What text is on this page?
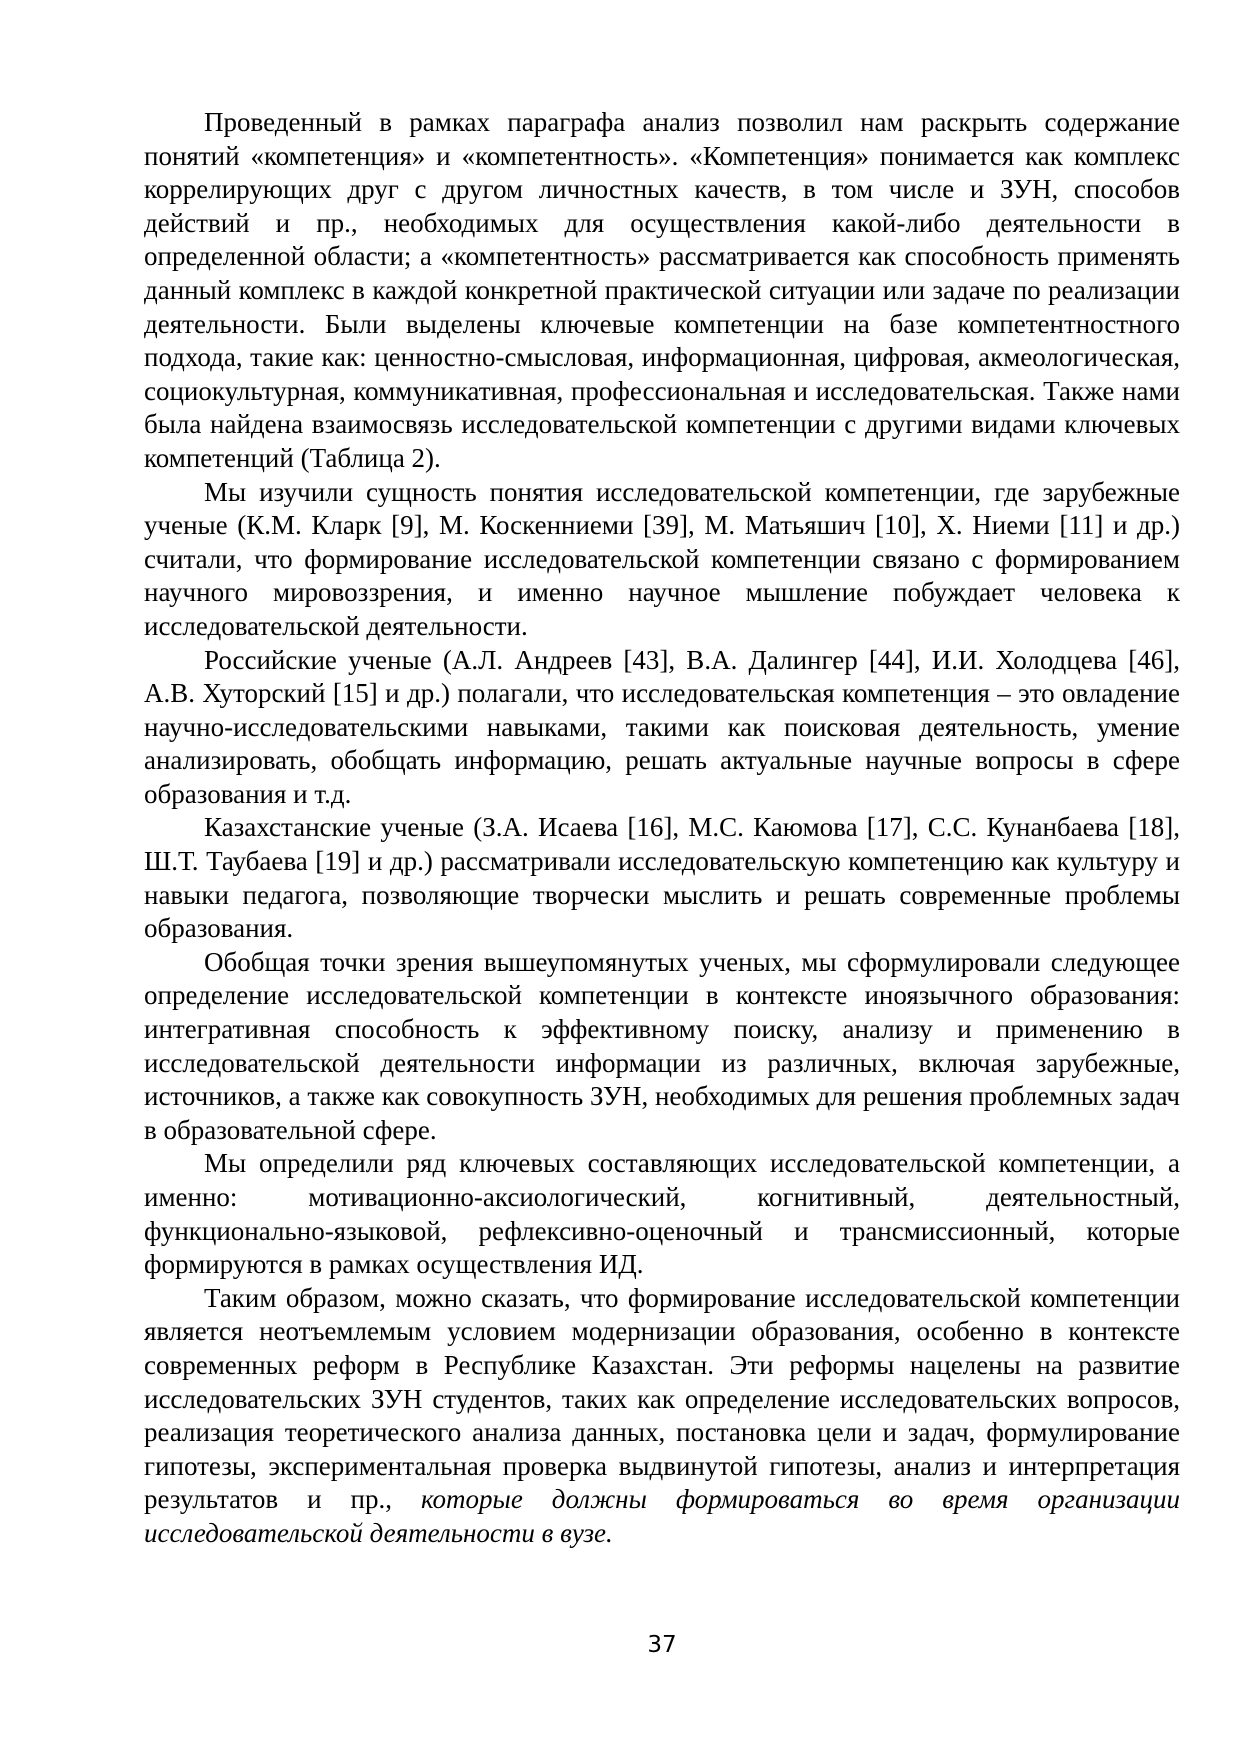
Проведенный в рамках параграфа анализ позволил нам раскрыть содержание понятий «компетенция» и «компетентность». «Компетенция» понимается как комплекс коррелирующих друг с другом личностных качеств, в том числе и ЗУН, способов действий и пр., необходимых для осуществления какой-либо деятельности в определенной области; а «компетентность» рассматривается как способность применять данный комплекс в каждой конкретной практической ситуации или задаче по реализации деятельности. Были выделены ключевые компетенции на базе компетентностного подхода, такие как: ценностно-смысловая, информационная, цифровая, акмеологическая, социокультурная, коммуникативная, профессиональная и исследовательская. Также нами была найдена взаимосвязь исследовательской компетенции с другими видами ключевых компетенций (Таблица 2).

Мы изучили сущность понятия исследовательской компетенции, где зарубежные ученые (К.М. Кларк [9], М. Коскенниеми [39], М. Матьяшич [10], Х. Ниеми [11] и др.) считали, что формирование исследовательской компетенции связано с формированием научного мировоззрения, и именно научное мышление побуждает человека к исследовательской деятельности.

Российские ученые (А.Л. Андреев [43], В.А. Далингер [44], И.И. Холодцева [46], А.В. Хуторский [15] и др.) полагали, что исследовательская компетенция – это овладение научно-исследовательскими навыками, такими как поисковая деятельность, умение анализировать, обобщать информацию, решать актуальные научные вопросы в сфере образования и т.д.

Казахстанские ученые (З.А. Исаева [16], М.С. Каюмова [17], С.С. Кунанбаева [18], Ш.Т. Таубаева [19] и др.) рассматривали исследовательскую компетенцию как культуру и навыки педагога, позволяющие творчески мыслить и решать современные проблемы образования.

Обобщая точки зрения вышеупомянутых ученых, мы сформулировали следующее определение исследовательской компетенции в контексте иноязычного образования: интегративная способность к эффективному поиску, анализу и применению в исследовательской деятельности информации из различных, включая зарубежные, источников, а также как совокупность ЗУН, необходимых для решения проблемных задач в образовательной сфере.

Мы определили ряд ключевых составляющих исследовательской компетенции, а именно: мотивационно-аксиологический, когнитивный, деятельностный, функционально-языковой, рефлексивно-оценочный и трансмиссионный, которые формируются в рамках осуществления ИД.

Таким образом, можно сказать, что формирование исследовательской компетенции является неотъемлемым условием модернизации образования, особенно в контексте современных реформ в Республике Казахстан. Эти реформы нацелены на развитие исследовательских ЗУН студентов, таких как определение исследовательских вопросов, реализация теоретического анализа данных, постановка цели и задач, формулирование гипотезы, экспериментальная проверка выдвинутой гипотезы, анализ и интерпретация результатов и пр., которые должны формироваться во время организации исследовательской деятельности в вузе.

37
